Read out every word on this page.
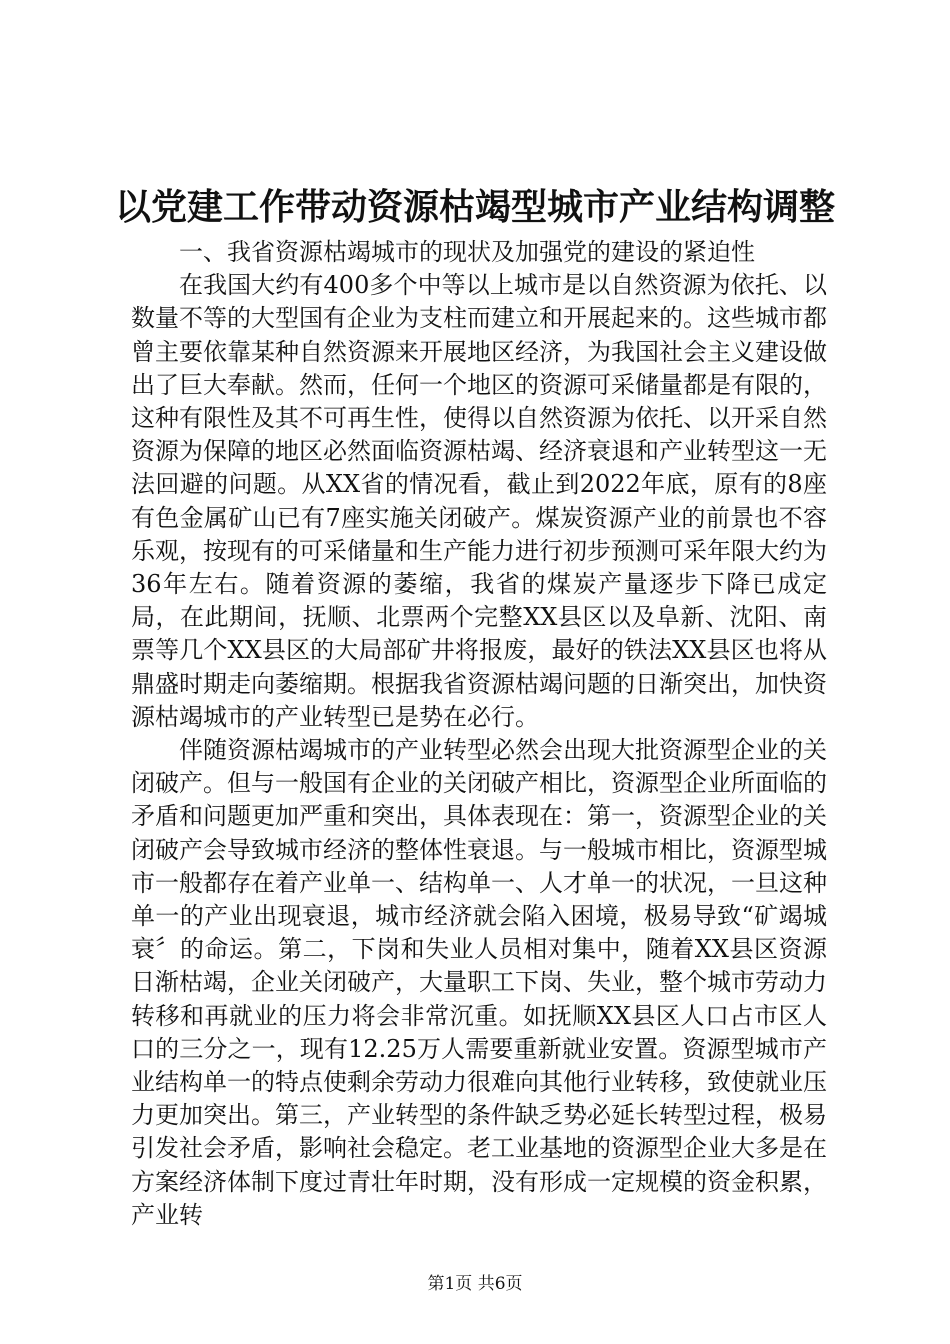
以党建工作带动资源枯竭型城市产业结构调整
一、我省资源枯竭城市的现状及加强党的建设的紧迫性

在我国大约有400多个中等以上城市是以自然资源为依托、以数量不等的大型国有企业为支柱而建立和开展起来的。这些城市都曾主要依靠某种自然资源来开展地区经济，为我国社会主义建设做出了巨大奉献。然而，任何一个地区的资源可采储量都是有限的，这种有限性及其不可再生性，使得以自然资源为依托、以开采自然资源为保障的地区必然面临资源枯竭、经济衰退和产业转型这一无法回避的问题。从XX省的情况看，截止到2022年底，原有的8座有色金属矿山已有7座实施关闭破产。煤炭资源产业的前景也不容乐观，按现有的可采储量和生产能力进行初步预测可采年限大约为36年左右。随着资源的萎缩，我省的煤炭产量逐步下降已成定局，在此期间，抚顺、北票两个完整XX县区以及阜新、沈阳、南票等几个XX县区的大局部矿井将报废，最好的铁法XX县区也将从鼎盛时期走向萎缩期。根据我省资源枯竭问题的日渐突出，加快资源枯竭城市的产业转型已是势在必行。

伴随资源枯竭城市的产业转型必然会出现大批资源型企业的关闭破产。但与一般国有企业的关闭破产相比，资源型企业所面临的矛盾和问题更加严重和突出，具体表现在：第一，资源型企业的关闭破产会导致城市经济的整体性衰退。与一般城市相比，资源型城市一般都存在着产业单一、结构单一、人才单一的状况，一旦这种单一的产业出现衰退，城市经济就会陷入困境，极易导致“矿竭城衰〞的命运。第二，下岗和失业人员相对集中，随着XX县区资源日渐枯竭，企业关闭破产，大量职工下岗、失业，整个城市劳动力转移和再就业的压力将会非常沉重。如抚顺XX县区人口占市区人口的三分之一，现有12.25万人需要重新就业安置。资源型城市产业结构单一的特点使剩余劳动力很难向其他行业转移，致使就业压力更加突出。第三，产业转型的条件缺乏势必延长转型过程，极易引发社会矛盾，影响社会稳定。老工业基地的资源型企业大多是在方案经济体制下度过青壮年时期，没有形成一定规模的资金积累，产业转

第1页 共6页
